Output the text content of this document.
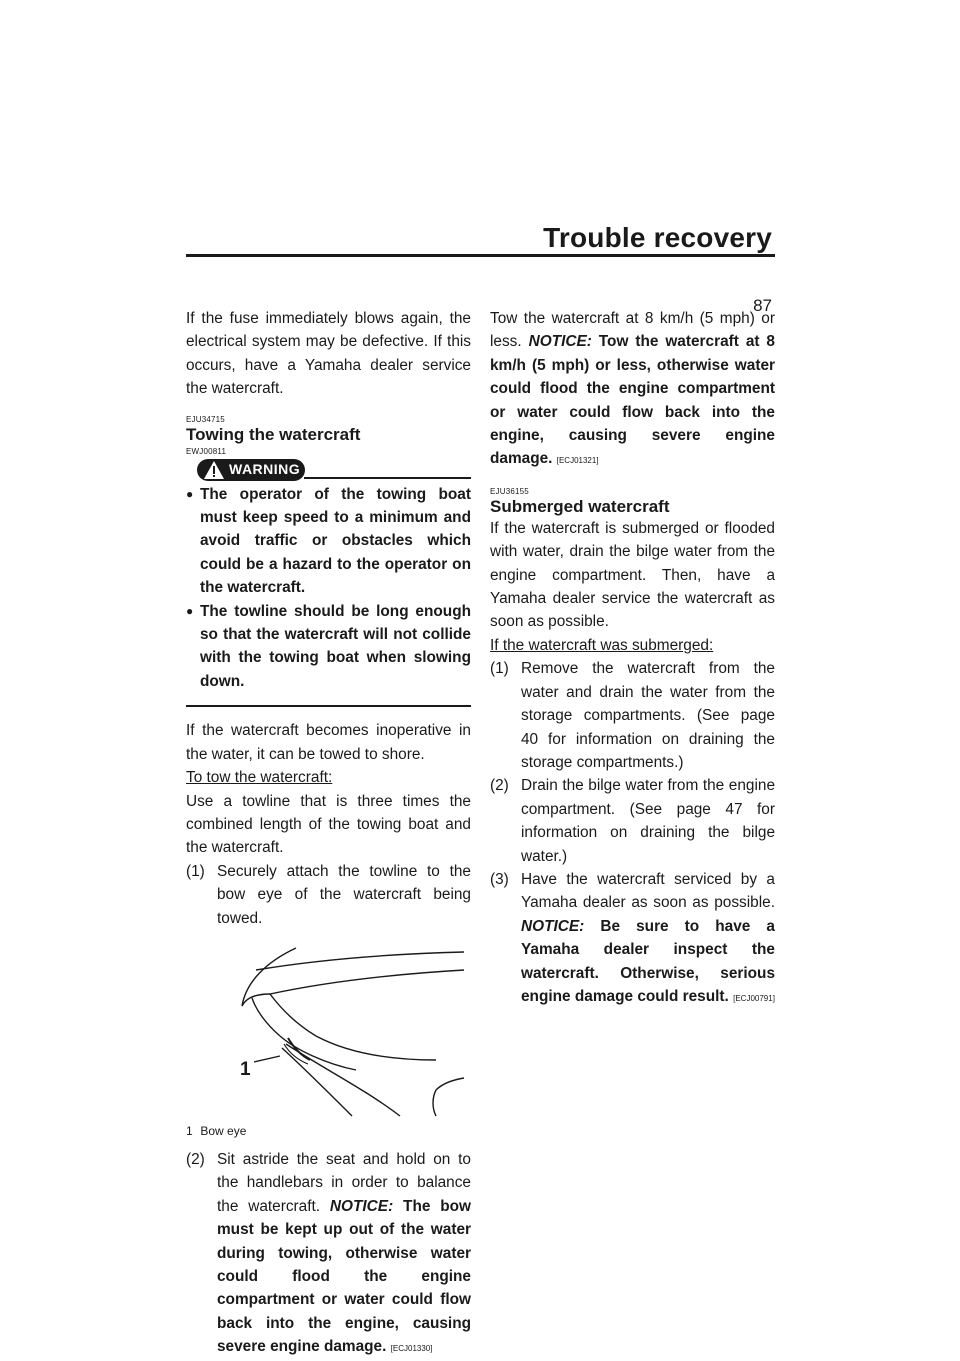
Trouble recovery
87

If the fuse immediately blows again, the electrical system may be defective. If this occurs, have a Yamaha dealer service the watercraft.

EJU34715
Towing the watercraft
EWJ00811
WARNING
● The operator of the towing boat must keep speed to a minimum and avoid traffic or obstacles which could be a hazard to the operator on the watercraft.
● The towline should be long enough so that the watercraft will not collide with the towing boat when slowing down.

If the watercraft becomes inoperative in the water, it can be towed to shore.

To tow the watercraft:

Use a towline that is three times the combined length of the towing boat and the watercraft.

(1) Securely attach the towline to the bow eye of the watercraft being towed.
1
1 Bow eye
(2) Sit astride the seat and hold on to the handlebars in order to balance the watercraft. NOTICE: The bow must be kept up out of the water during towing, otherwise water could flood the engine compartment or water could flow back into the engine, causing severe engine damage. [ECJ01330]

Tow the watercraft at 8 km/h (5 mph) or less. NOTICE: Tow the watercraft at 8 km/h (5 mph) or less, otherwise water could flood the engine compartment or water could flow back into the engine, causing severe engine damage. [ECJ01321]

EJU36155
Submerged watercraft

If the watercraft is submerged or flooded with water, drain the bilge water from the engine compartment. Then, have a Yamaha dealer service the watercraft as soon as possible.

If the watercraft was submerged:
(1) Remove the watercraft from the water and drain the water from the storage compartments. (See page 40 for information on draining the storage compartments.)
(2) Drain the bilge water from the engine compartment. (See page 47 for information on draining the bilge water.)
(3) Have the watercraft serviced by a Yamaha dealer as soon as possible. NOTICE: Be sure to have a Yamaha dealer inspect the watercraft. Otherwise, serious engine damage could result. [ECJ00791]
